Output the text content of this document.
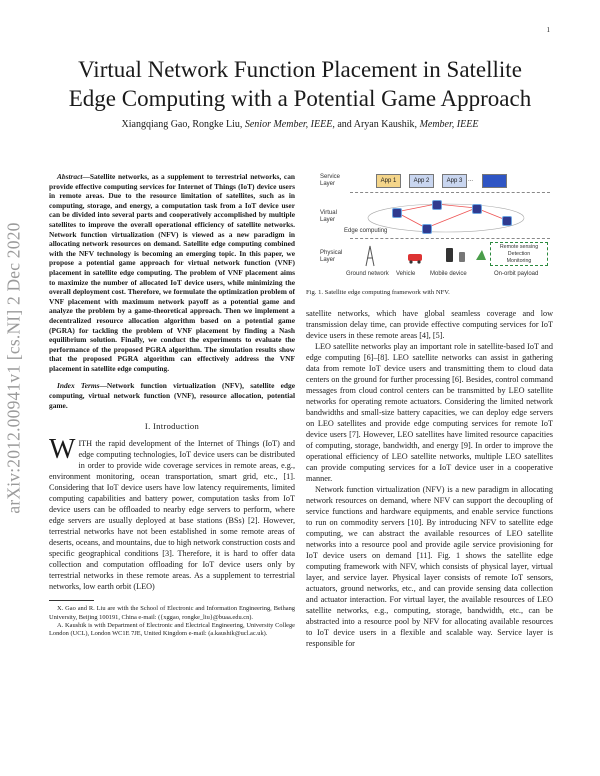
1
arXiv:2012.00941v1 [cs.NI] 2 Dec 2020
Virtual Network Function Placement in Satellite
Edge Computing with a Potential Game Approach
Xiangqiang Gao, Rongke Liu, Senior Member, IEEE, and Aryan Kaushik, Member, IEEE

Abstract—Satellite networks, as a supplement to terrestrial networks, can provide effective computing services for Internet of Things (IoT) device users in remote areas. Due to the resource limitation of satellites, such as in computing, storage, and energy, a computation task from a IoT device user can be divided into several parts and cooperatively accomplished by multiple satellites to improve the overall operational efficiency of satellite networks. Network function virtualization (NFV) is viewed as a new paradigm in allocating network resources on demand. Satellite edge computing combined with the NFV technology is becoming an emerging topic. In this paper, we propose a potential game approach for virtual network function (VNF) placement in satellite edge computing. The problem of VNF placement aims to maximize the number of allocated IoT device users, while minimizing the overall deployment cost. Therefore, we formulate the optimization problem of VNF placement with maximum network payoff as a potential game and analyze the problem by a game-theoretical approach. Then we implement a decentralized resource allocation algorithm based on a potential game (PGRA) for tackling the problem of VNF placement by finding a Nash equilibrium solution. Finally, we conduct the experiments to evaluate the performance of the proposed PGRA algorithm. The simulation results show that the proposed PGRA algorithm can effectively address the VNF placement in satellite edge computing.

Index Terms—Network function virtualization (NFV), satellite edge computing, virtual network function (VNF), resource allocation, potential game.

I. Introduction

WITH the rapid development of the Internet of Things (IoT) and edge computing technologies, IoT device users can be distributed in order to provide wide coverage services in remote areas, e.g., environment monitoring, ocean transportation, smart grid, etc., [1]. Considering that IoT device users have low latency requirements, limited computing capabilities and battery power, computation tasks from IoT device users can be offloaded to nearby edge servers to perform, where edge servers are usually deployed at base stations (BSs) [2]. However, terrestrial networks have not been established in some remote areas of deserts, oceans, and mountains, due to high network construction costs and specific geographical conditions [3]. Therefore, it is hard to offer data collection and computation offloading for IoT device users only by terrestrial networks in these remote areas. As a supplement to terrestrial networks, low earth orbit (LEO)

X. Gao and R. Liu are with the School of Electronic and Information Engineering, Beihang University, Beijing 100191, China e-mail: ({xggao, rongke_liu}@buaa.edu.cn).

A. Kaushik is with Department of Electronic and Electrical Engineering, University College London (UCL), London WC1E 7JE, United Kingdom e-mail: (a.kaushik@ucl.ac.uk).

Service Layer	App 1	App 2	App 3 ...	App N
Virtual Layer
Edge computing
Physical Layer
Remote sensing
Detection
Monitoring
Ground network Vehicle Mobile device	On-orbit payload
Fig. 1. Satellite edge computing framework with NFV.

satellite networks, which have global seamless coverage and low transmission delay time, can provide effective computing services for IoT device users in these remote areas [4], [5].

LEO satellite networks play an important role in satellite-based IoT and edge computing [6]–[8]. LEO satellite networks can assist in gathering data from remote IoT device users and transmitting them to cloud data centers on the ground for further processing [6]. Besides, control command messages from cloud control centers can be transmitted by LEO satellite networks for operating remote actuators. Considering the limited network bandwidths and small-size battery capacities, we can deploy edge servers on LEO satellites and provide edge computing services for remote IoT device users [7]. However, LEO satellites have limited resource capacities of computing, storage, bandwidth, and energy [9]. In order to improve the operational efficiency of LEO satellite networks, multiple LEO satellites can provide computing services for a IoT device user in a cooperative manner.

Network function virtualization (NFV) is a new paradigm in allocating network resources on demand, where NFV can support the decoupling of service functions and hardware equipments, and enable service functions to run on commodity servers [10]. By introducing NFV to satellite edge computing, we can abstract the available resources of LEO satellite networks into a resource pool and provide agile service provisioning for IoT device users on demand [11]. Fig. 1 shows the satellite edge computing framework with NFV, which consists of physical layer, virtual layer, and service layer. Physical layer consists of remote IoT sensors, actuators, ground networks, etc., and can provide sensing data collection and actuator interaction. For virtual layer, the available resources of LEO satellite networks, e.g., computing, storage, bandwidth, etc., can be abstracted into a resource pool by NFV for allocating available resources to IoT device users in a flexible and scalable way. Service layer is responsible for
